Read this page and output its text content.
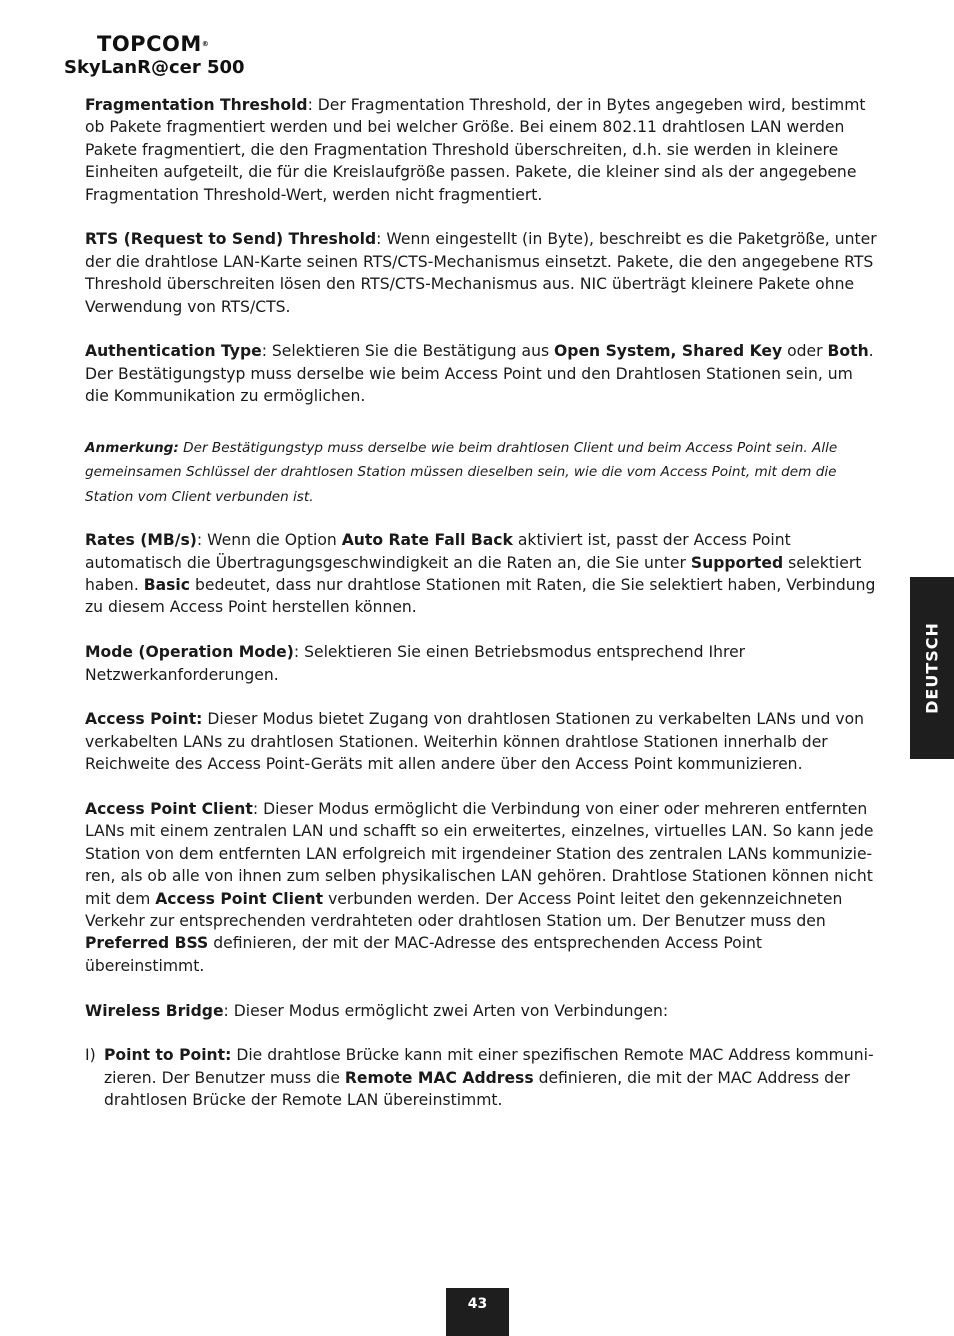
TOPCOM®
SkyLanR@cer 500

Fragmentation Threshold: Der Fragmentation Threshold, der in Bytes angegeben wird, bestimmt ob Pakete fragmentiert werden und bei welcher Größe. Bei einem 802.11 drahtlosen LAN werden Pakete fragmentiert, die den Fragmentation Threshold überschreiten, d.h. sie werden in kleinere Einheiten aufgeteilt, die für die Kreislaufgröße passen. Pakete, die kleiner sind als der angegebene Fragmentation Threshold-Wert, werden nicht fragmentiert.

RTS (Request to Send) Threshold: Wenn eingestellt (in Byte), beschreibt es die Paketgröße, unter der die drahtlose LAN-Karte seinen RTS/CTS-Mechanismus einsetzt. Pakete, die den angegebene RTS Threshold überschreiten lösen den RTS/CTS-Mechanismus aus. NIC überträgt kleinere Pakete ohne Verwendung von RTS/CTS.

Authentication Type: Selektieren Sie die Bestätigung aus Open System, Shared Key oder Both. Der Bestätigungstyp muss derselbe wie beim Access Point und den Drahtlosen Stationen sein, um die Kommunikation zu ermöglichen.

Anmerkung: Der Bestätigungstyp muss derselbe wie beim drahtlosen Client und beim Access Point sein. Alle gemeinsamen Schlüssel der drahtlosen Station müssen dieselben sein, wie die vom Access Point, mit dem die Station vom Client verbunden ist.

Rates (MB/s): Wenn die Option Auto Rate Fall Back aktiviert ist, passt der Access Point automatisch die Übertragungsgeschwindigkeit an die Raten an, die Sie unter Supported selektiert haben. Basic bedeutet, dass nur drahtlose Stationen mit Raten, die Sie selektiert haben, Verbindung zu diesem Access Point herstellen können.

Mode (Operation Mode): Selektieren Sie einen Betriebsmodus entsprechend Ihrer Netzwerkanforderungen.

Access Point: Dieser Modus bietet Zugang von drahtlosen Stationen zu verkabelten LANs und von verkabelten LANs zu drahtlosen Stationen. Weiterhin können drahtlose Stationen innerhalb der Reichweite des Access Point-Geräts mit allen andere über den Access Point kommunizieren.

Access Point Client: Dieser Modus ermöglicht die Verbindung von einer oder mehreren entfernten LANs mit einem zentralen LAN und schafft so ein erweitertes, einzelnes, virtuelles LAN. So kann jede Station von dem entfernten LAN erfolgreich mit irgendeiner Station des zentralen LANs kommunizie-ren, als ob alle von ihnen zum selben physikalischen LAN gehören. Drahtlose Stationen können nicht mit dem Access Point Client verbunden werden. Der Access Point leitet den gekennzeichneten Verkehr zur entsprechenden verdrahteten oder drahtlosen Station um. Der Benutzer muss den Preferred BSS definieren, der mit der MAC-Adresse des entsprechenden Access Point übereinstimmt.

Wireless Bridge: Dieser Modus ermöglicht zwei Arten von Verbindungen:

I) Point to Point: Die drahtlose Brücke kann mit einer spezifischen Remote MAC Address kommuni-zieren. Der Benutzer muss die Remote MAC Address definieren, die mit der MAC Address der drahtlosen Brücke der Remote LAN übereinstimmt.

DEUTSCH
43
